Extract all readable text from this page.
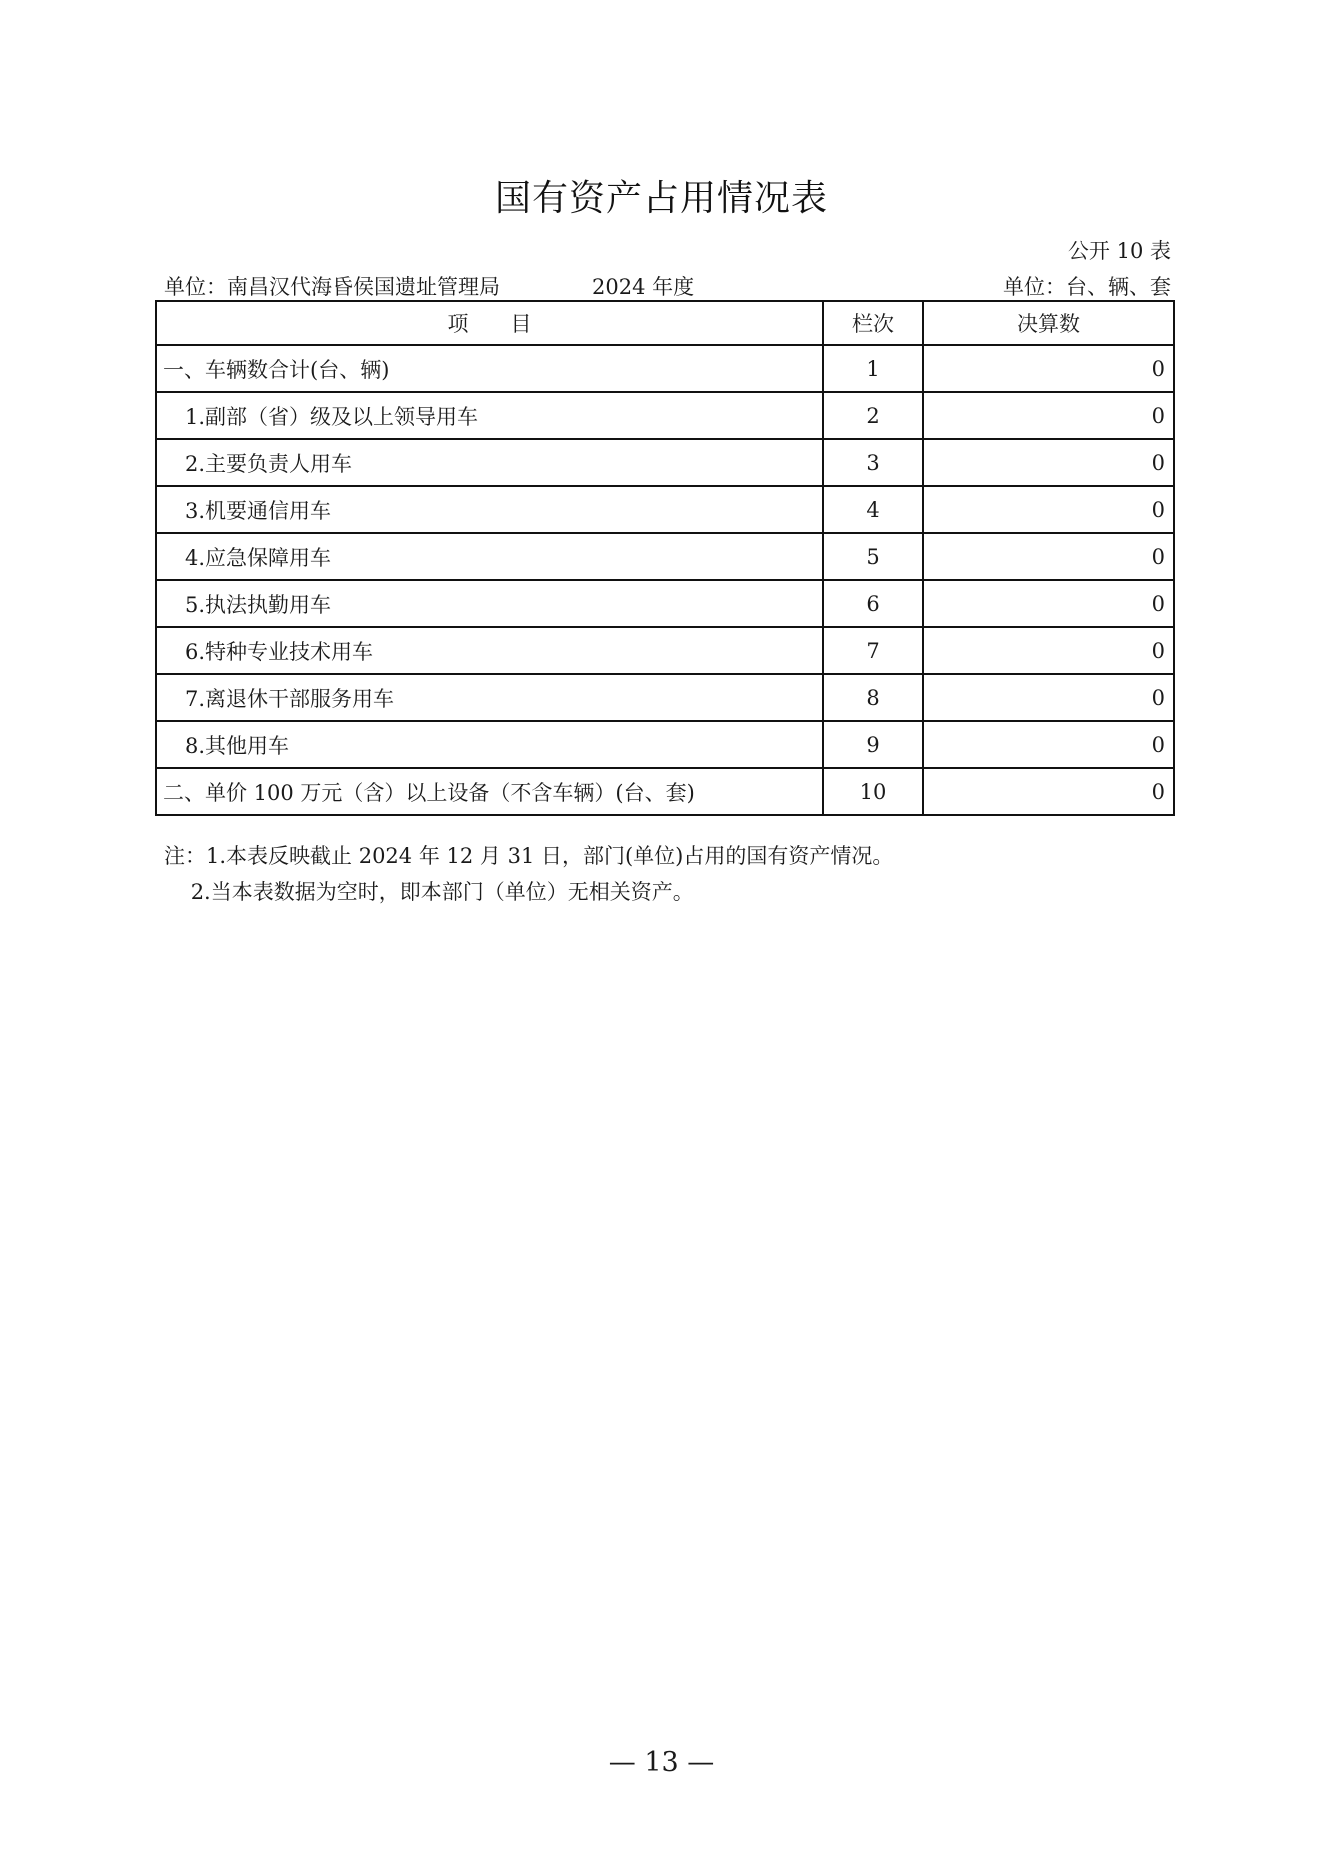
国有资产占用情况表
公开 10 表
单位：南昌汉代海昏侯国遗址管理局	2024 年度	单位：台、辆、套
项　　目	栏次	决算数
一、车辆数合计(台、辆)	1	0
1.副部（省）级及以上领导用车	2	0
2.主要负责人用车	3	0
3.机要通信用车	4	0
4.应急保障用车	5	0
5.执法执勤用车	6	0
6.特种专业技术用车	7	0
7.离退休干部服务用车	8	0
8.其他用车	9	0
二、单价 100 万元（含）以上设备（不含车辆）(台、套)	10	0
注：1.本表反映截止 2024 年 12 月 31 日，部门(单位)占用的国有资产情况。
2.当本表数据为空时，即本部门（单位）无相关资产。
— 13 —
